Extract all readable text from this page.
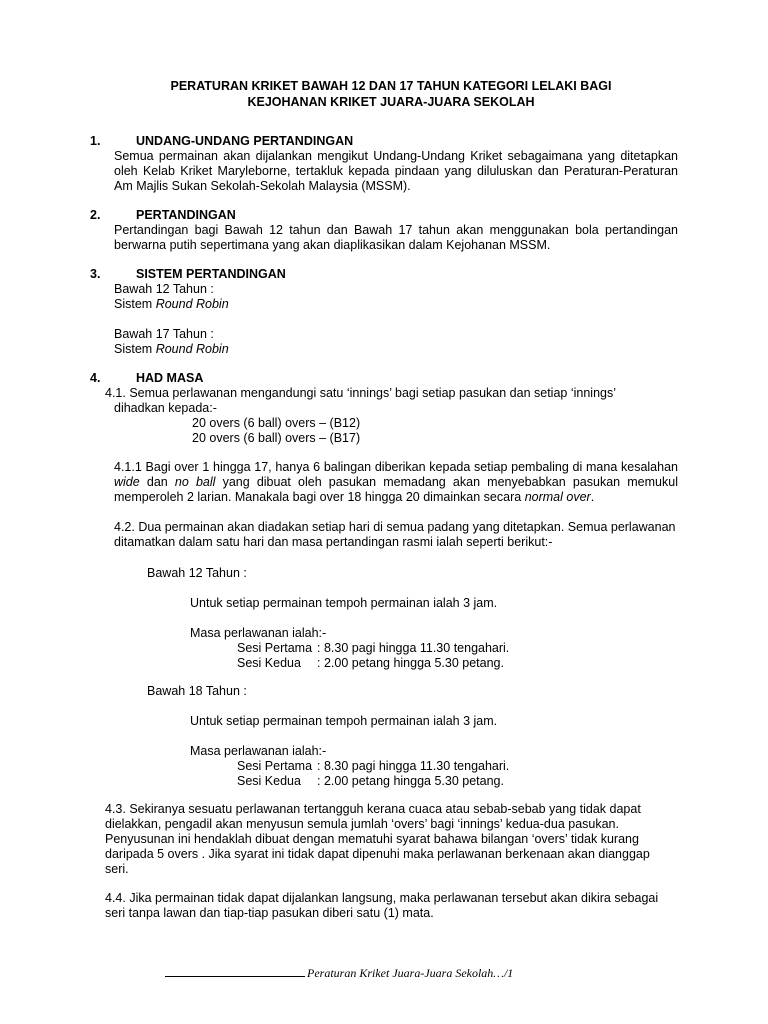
PERATURAN KRIKET BAWAH 12 DAN 17 TAHUN KATEGORI LELAKI BAGI
KEJOHANAN KRIKET JUARA-JUARA SEKOLAH
1.	UNDANG-UNDANG PERTANDINGAN
Semua permainan akan dijalankan mengikut Undang-Undang Kriket sebagaimana yang ditetapkan oleh Kelab Kriket Maryleborne, tertakluk kepada pindaan yang diluluskan dan Peraturan-Peraturan Am Majlis Sukan Sekolah-Sekolah Malaysia (MSSM).
2.	PERTANDINGAN
Pertandingan bagi Bawah 12 tahun dan Bawah 17 tahun akan menggunakan bola pertandingan berwarna putih sepertimana yang akan diaplikasikan dalam Kejohanan MSSM.
3.	SISTEM PERTANDINGAN
Bawah 12 Tahun :
Sistem Round Robin
Bawah 17 Tahun :
Sistem Round Robin
4.	HAD MASA
4.1. Semua perlawanan mengandungi satu ‘innings’ bagi setiap pasukan dan setiap ‘innings’
dihadkan kepada:-
20 overs (6 ball) overs – (B12)
20 overs (6 ball) overs – (B17)
4.1.1 Bagi over 1 hingga 17, hanya 6 balingan diberikan kepada setiap pembaling di mana kesalahan wide dan no ball yang dibuat oleh pasukan memadang akan menyebabkan pasukan memukul memperoleh 2 larian. Manakala bagi over 18 hingga 20 dimainkan secara normal over.
4.2. Dua permainan akan diadakan setiap hari di semua padang yang ditetapkan. Semua perlawanan
ditamatkan dalam satu hari dan masa pertandingan rasmi ialah seperti berikut:-
Bawah 12 Tahun :
Untuk setiap permainan tempoh permainan ialah 3 jam.
Masa perlawanan ialah:-
Sesi Pertama : 8.30 pagi hingga 11.30 tengahari.
Sesi Kedua : 2.00 petang hingga 5.30 petang.
Bawah 18 Tahun :
Untuk setiap permainan tempoh permainan ialah 3 jam.
Masa perlawanan ialah:-
Sesi Pertama : 8.30 pagi hingga 11.30 tengahari.
Sesi Kedua : 2.00 petang hingga 5.30 petang.
4.3. Sekiranya sesuatu perlawanan tertangguh kerana cuaca atau sebab-sebab yang tidak dapat
dielakkan, pengadil akan menyusun semula jumlah ‘overs’ bagi ‘innings’ kedua-dua pasukan.
Penyusunan ini hendaklah dibuat dengan mematuhi syarat bahawa bilangan ‘overs’ tidak kurang
daripada 5 overs . Jika syarat ini tidak dapat dipenuhi maka perlawanan berkenaan akan dianggap
seri.
4.4. Jika permainan tidak dapat dijalankan langsung, maka perlawanan tersebut akan dikira sebagai
seri tanpa lawan dan tiap-tiap pasukan diberi satu (1) mata.
Peraturan Kriket Juara-Juara Sekolah…/1
